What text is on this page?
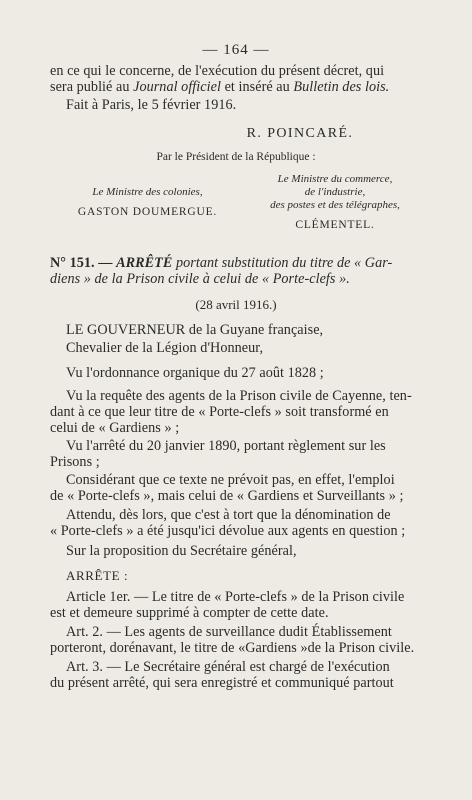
— 164 —
en ce qui le concerne, de l'exécution du présent décret, qui
sera publié au Journal officiel et inséré au Bulletin des lois.
Fait à Paris, le 5 février 1916.
R. POINCARÉ.
Par le Président de la République :
Le Ministre des colonies,
GASTON DOUMERGUE.
Le Ministre du commerce,
de l'industrie,
des postes et des télégraphes,
CLÉMENTEL.
N° 151. — ARRÊTÉ portant substitution du titre de « Gar-
diens » de la Prison civile à celui de « Porte-clefs ».
(28 avril 1916.)
LE GOUVERNEUR de la Guyane française,
Chevalier de la Légion d'Honneur,
Vu l'ordonnance organique du 27 août 1828 ;
Vu la requête des agents de la Prison civile de Cayenne, ten-
dant à ce que leur titre de « Porte-clefs » soit transformé en
celui de « Gardiens » ;
Vu l'arrêté du 20 janvier 1890, portant règlement sur les
Prisons ;
Considérant que ce texte ne prévoit pas, en effet, l'emploi
de « Porte-clefs », mais celui de « Gardiens et Surveillants » ;
Attendu, dès lors, que c'est à tort que la dénomination de
« Porte-clefs » a été jusqu'ici dévolue aux agents en question ;
Sur la proposition du Secrétaire général,
ARRÊTE :
Article 1er. — Le titre de « Porte-clefs » de la Prison civile
est et demeure supprimé à compter de cette date.
Art. 2. — Les agents de surveillance dudit Établissement
porteront, dorénavant, le titre de «Gardiens »de la Prison civile.
Art. 3. — Le Secrétaire général est chargé de l'exécution
du présent arrêté, qui sera enregistré et communiqué partout
